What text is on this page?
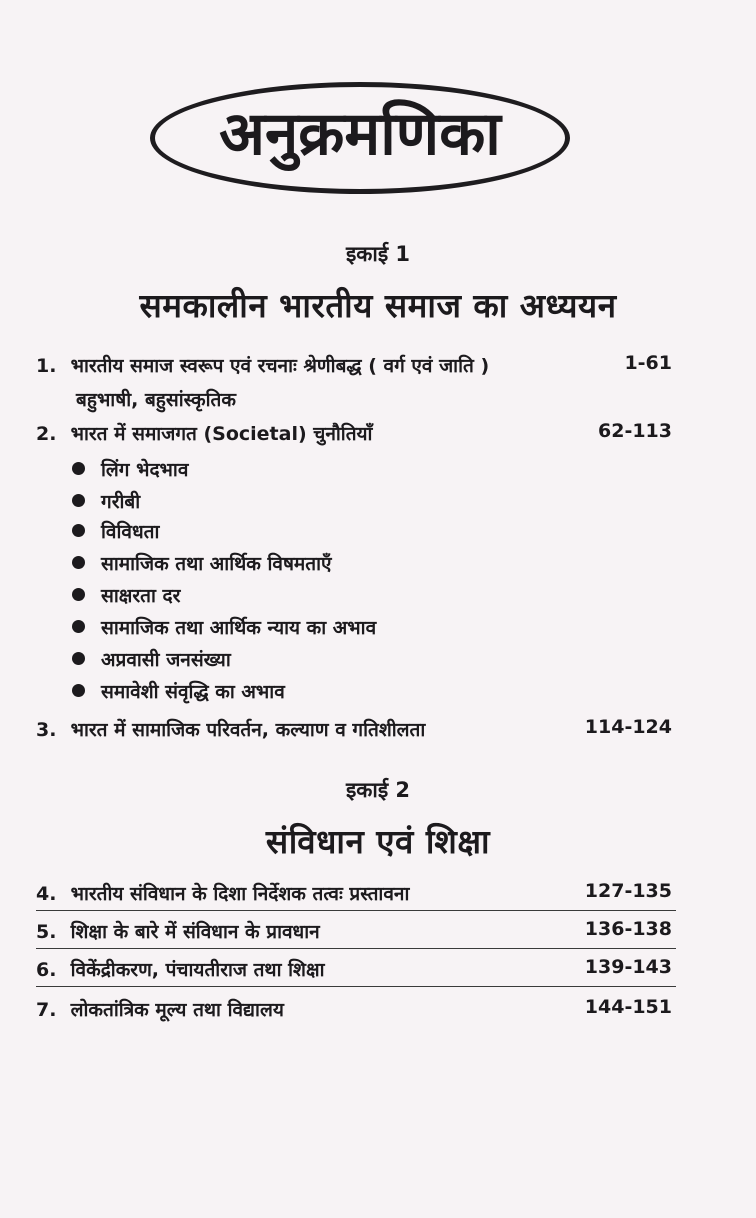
अनुक्रमणिका
इकाई 1
समकालीन भारतीय समाज का अध्ययन
1. भारतीय समाज स्वरूप एवं रचनाः श्रेणीबद्ध ( वर्ग एवं जाति )	1-61
बहुभाषी, बहुसांस्कृतिक
2. भारत में समाजगत (Societal) चुनौतियाँ	62-113
लिंग भेदभाव
गरीबी
विविधता
सामाजिक तथा आर्थिक विषमताएँ
साक्षरता दर
सामाजिक तथा आर्थिक न्याय का अभाव
अप्रवासी जनसंख्या
समावेशी संवृद्धि का अभाव
3. भारत में सामाजिक परिवर्तन, कल्याण व गतिशीलता	114-124
इकाई 2
संविधान एवं शिक्षा
4. भारतीय संविधान के दिशा निर्देशक तत्वः प्रस्तावना	127-135
5. शिक्षा के बारे में संविधान के प्रावधान	136-138
6. विकेंद्रीकरण, पंचायतीराज तथा शिक्षा	139-143
7. लोकतांत्रिक मूल्य तथा विद्यालय	144-151
